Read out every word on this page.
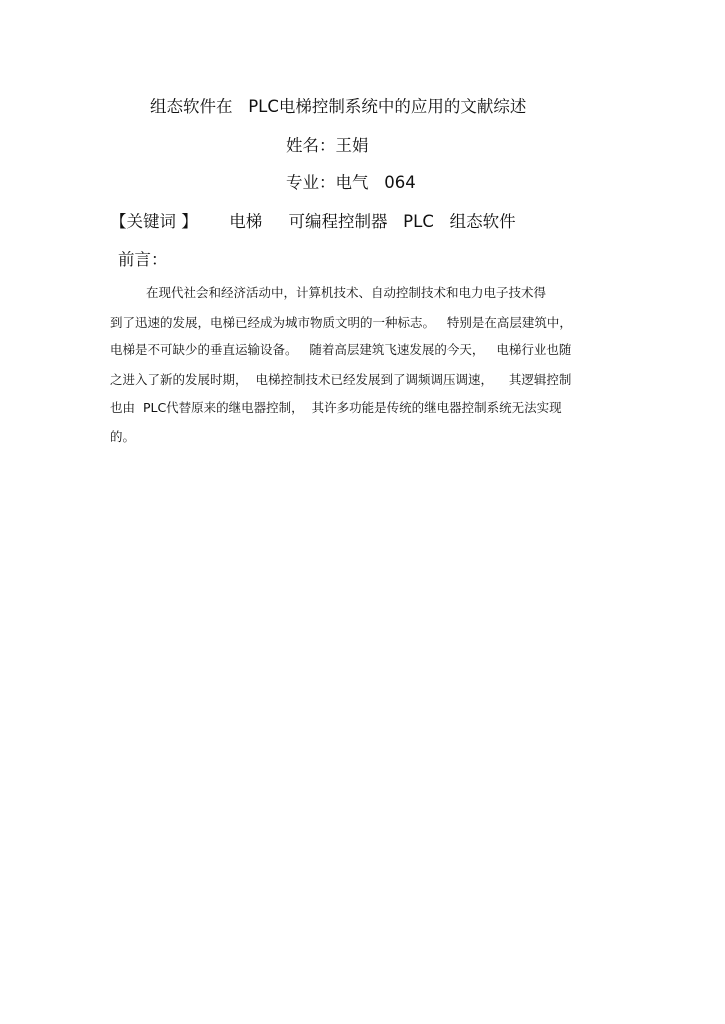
组态软件在   PLC电梯控制系统中的应用的文献综述
姓名：王娟
专业：电气   064
【关键词 】      电梯     可编程控制器   PLC   组态软件
前言：
在现代社会和经济活动中，计算机技术、自动控制技术和电力电子技术得
到了迅速的发展，电梯已经成为城市物质文明的一种标志。   特别是在高层建筑中，
电梯是不可缺少的垂直运输设备。   随着高层建筑飞速发展的今天，   电梯行业也随
之进入了新的发展时期，  电梯控制技术已经发展到了调频调压调速，    其逻辑控制
也由  PLC代替原来的继电器控制，  其许多功能是传统的继电器控制系统无法实现
的。
